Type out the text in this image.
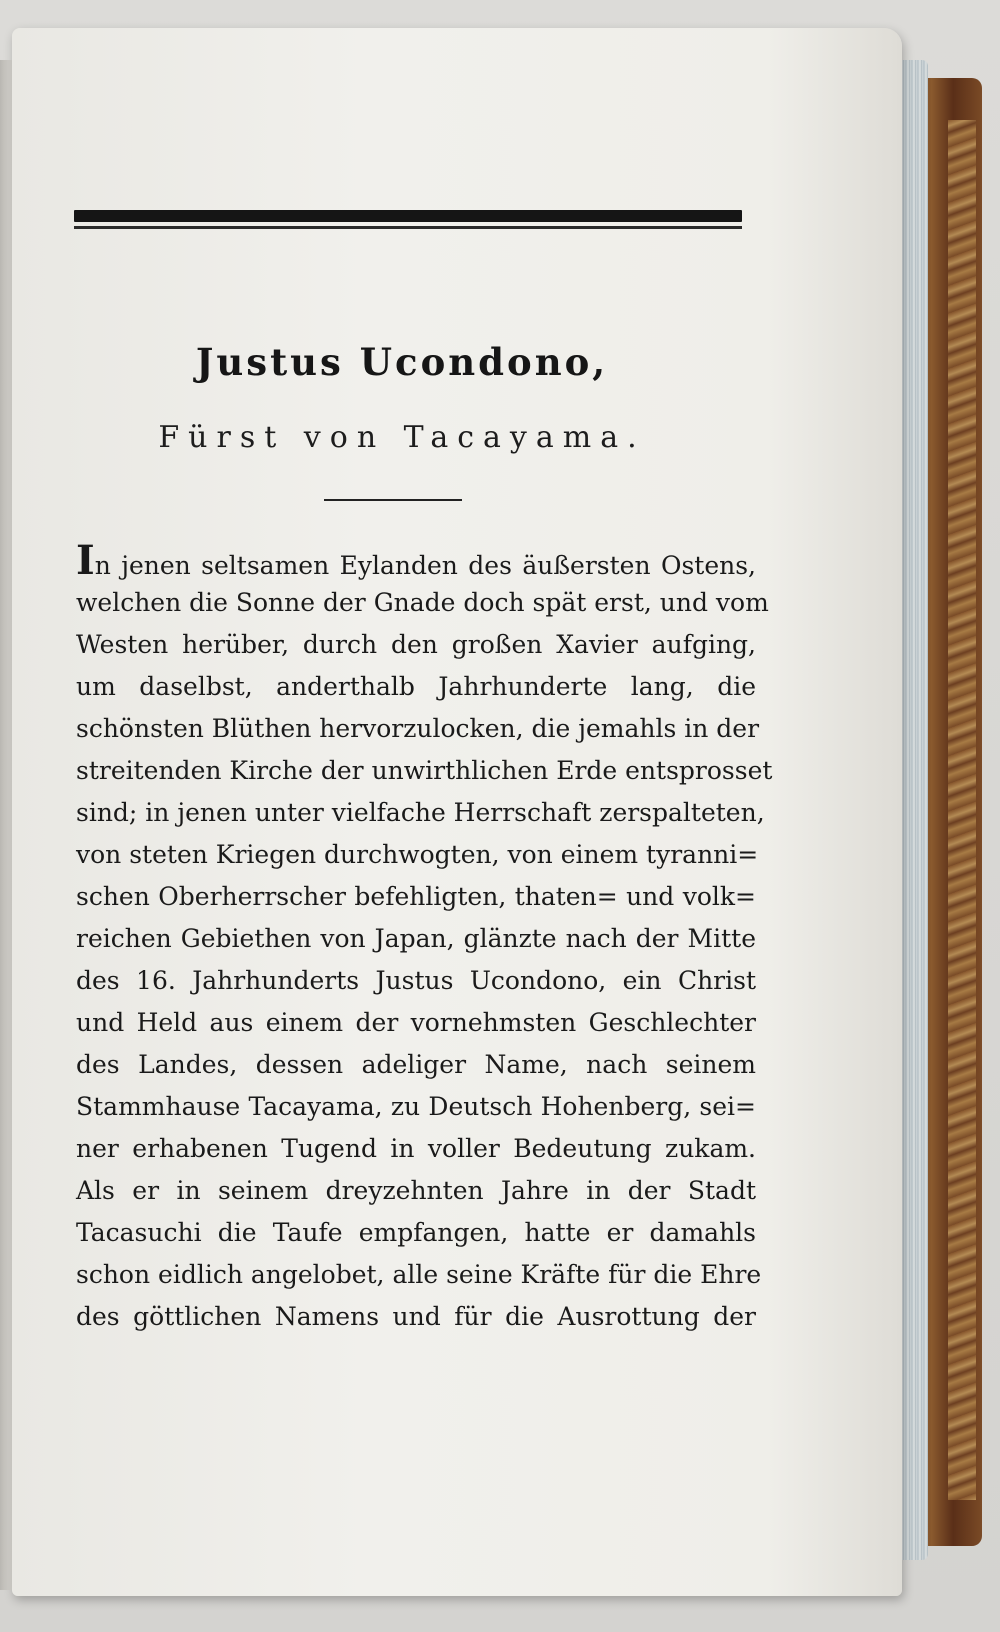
Justus Ucondono,
Fürst von Tacayama.
In jenen seltsamen Eylanden des äußersten Ostens,
welchen die Sonne der Gnade doch spät erst, und vom
Westen herüber, durch den großen Xavier aufging,
um daselbst, anderthalb Jahrhunderte lang, die
schönsten Blüthen hervorzulocken, die jemahls in der
streitenden Kirche der unwirthlichen Erde entsprosset
sind; in jenen unter vielfache Herrschaft zerspalteten,
von steten Kriegen durchwogten, von einem tyranni=
schen Oberherrscher befehligten, thaten= und volk=
reichen Gebiethen von Japan, glänzte nach der Mitte
des 16. Jahrhunderts Justus Ucondono, ein Christ
und Held aus einem der vornehmsten Geschlechter
des Landes, dessen adeliger Name, nach seinem
Stammhause Tacayama, zu Deutsch Hohenberg, sei=
ner erhabenen Tugend in voller Bedeutung zukam.
Als er in seinem dreyzehnten Jahre in der Stadt
Tacasuchi die Taufe empfangen, hatte er damahls
schon eidlich angelobet, alle seine Kräfte für die Ehre
des göttlichen Namens und für die Ausrottung der
